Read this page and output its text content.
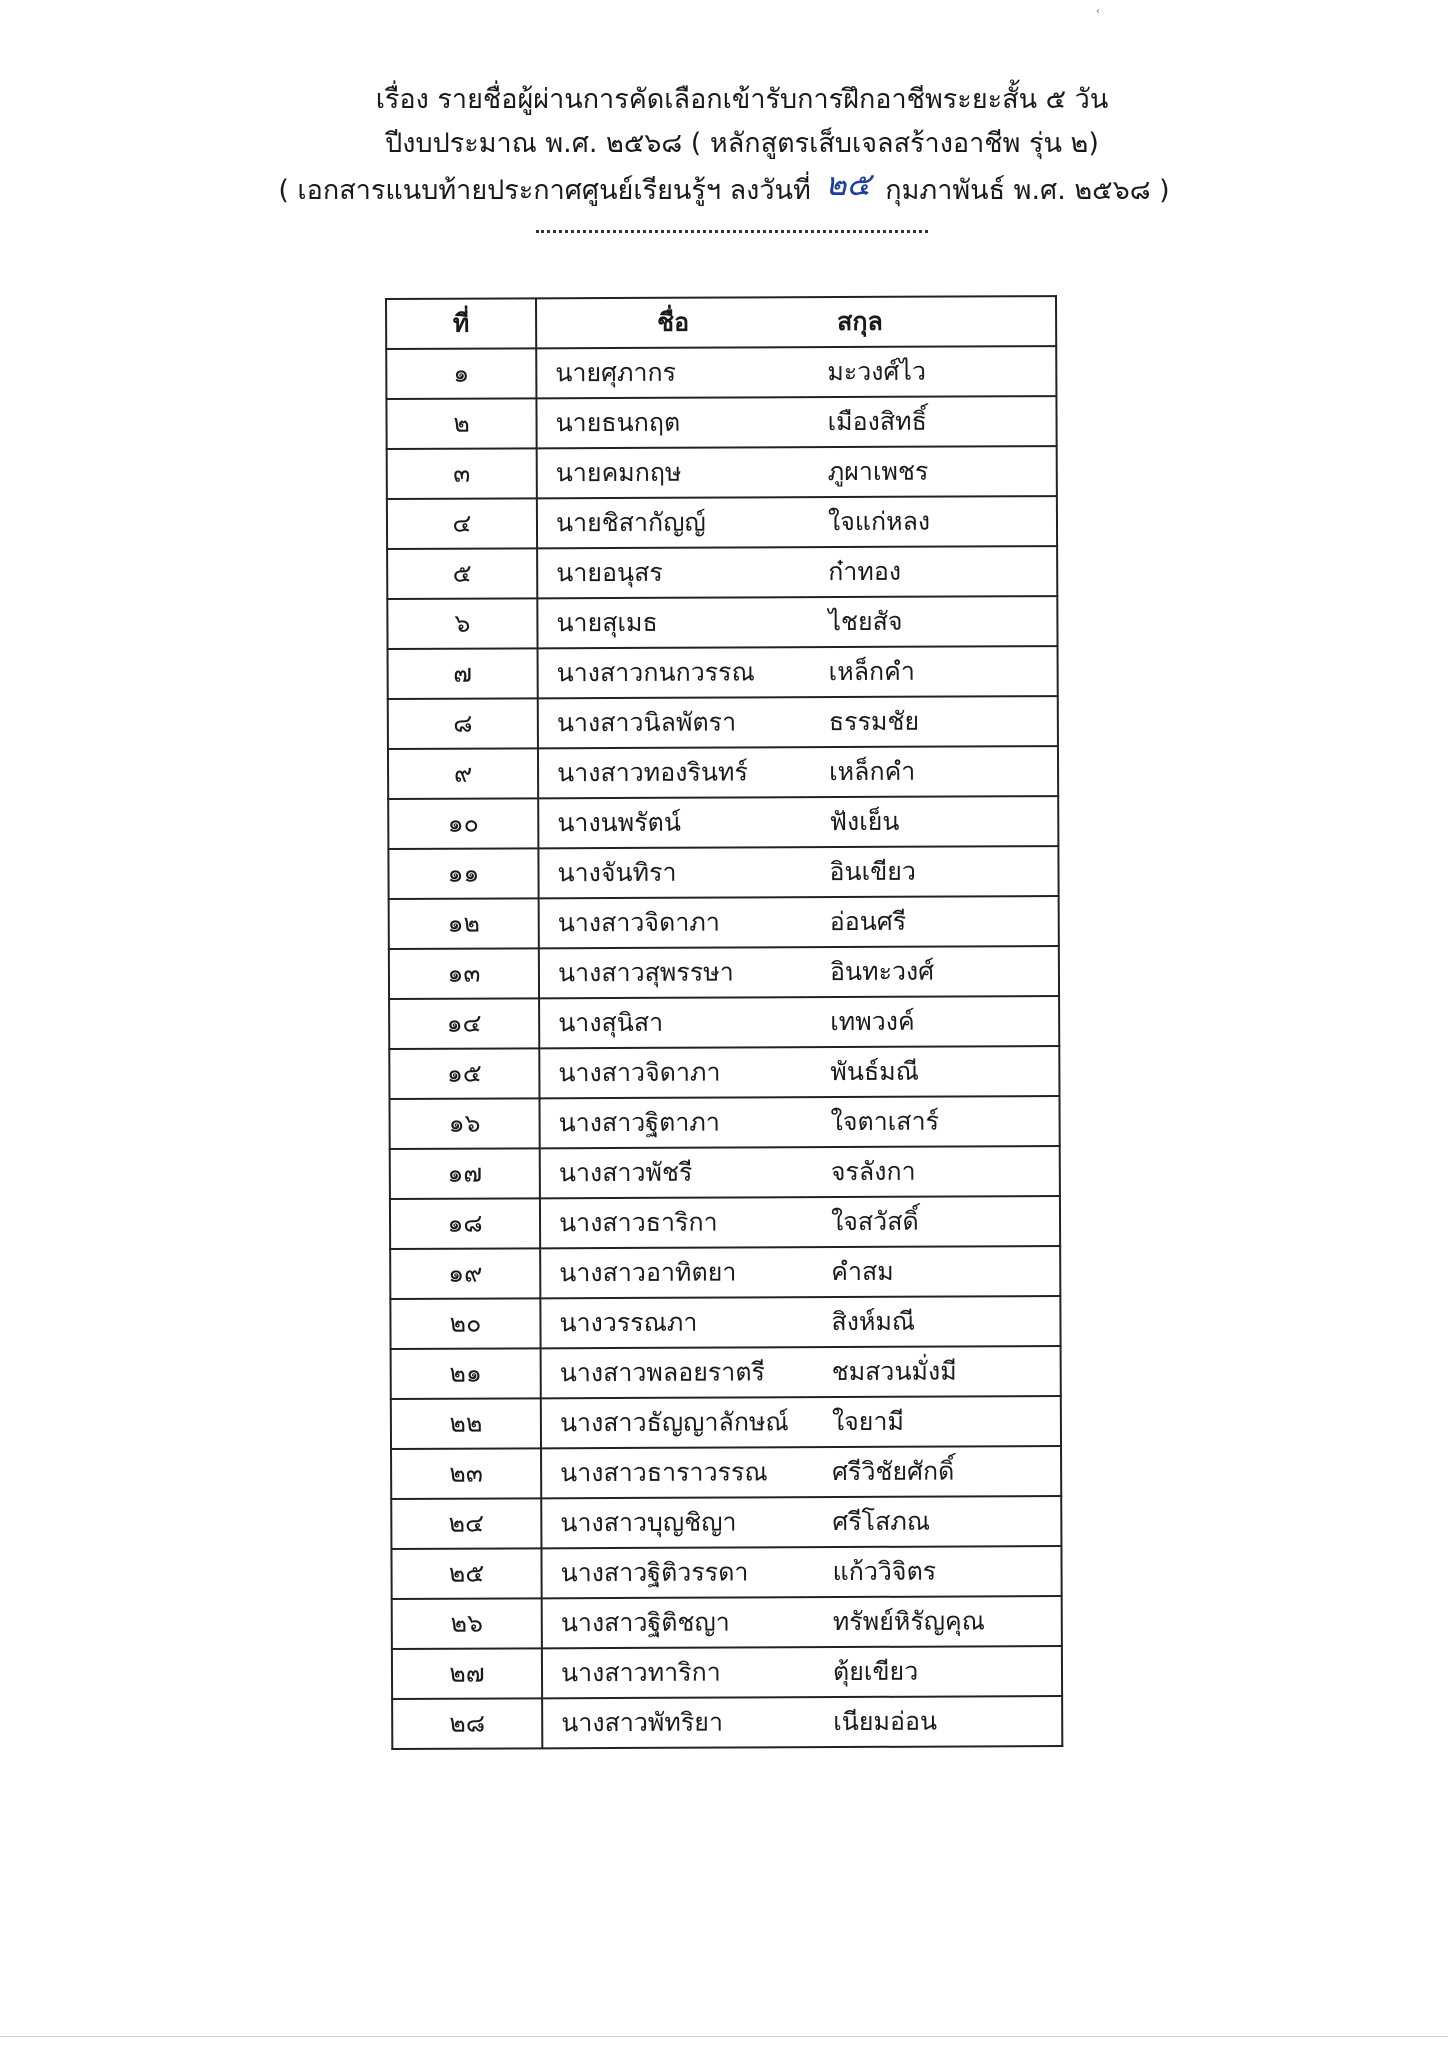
‹
เรื่อง รายชื่อผู้ผ่านการคัดเลือกเข้ารับการฝึกอาชีพระยะสั้น ๕ วัน
ปีงบประมาณ พ.ศ. ๒๕๖๘ ( หลักสูตรเส็บเจลสร้างอาชีพ รุ่น ๒)
( เอกสารแนบท้ายประกาศศูนย์เรียนรู้ฯ ลงวันที่ ๒๕ กุมภาพันธ์ พ.ศ. ๒๕๖๘ )
ที่	ชื่อ สกุล

๑	นายศุภากร มะวงศ์ไว

๒	นายธนกฤต เมืองสิทธิ์

๓	นายคมกฤษ ภูผาเพชร

๔	นายชิสากัญญ์ ใจแก่หลง

๕	นายอนุสร ก๋าทอง

๖	นายสุเมธ ไชยสัจ

๗	นางสาวกนกวรรณ เหล็กคำ

๘	นางสาวนิลพัตรา ธรรมชัย

๙	นางสาวทองรินทร์ เหล็กคำ

๑๐	นางนพรัตน์ ฟังเย็น

๑๑	นางจันทิรา อินเขียว

๑๒	นางสาวจิดาภา อ่อนศรี

๑๓	นางสาวสุพรรษา อินทะวงศ์

๑๔	นางสุนิสา เทพวงค์

๑๕	นางสาวจิดาภา พันธ์มณี

๑๖	นางสาวฐิตาภา ใจตาเสาร์

๑๗	นางสาวพัชรี จรลังกา

๑๘	นางสาวธาริกา ใจสวัสดิ์

๑๙	นางสาวอาทิตยา คำสม

๒๐	นางวรรณภา สิงห์มณี

๒๑	นางสาวพลอยราตรี ชมสวนมั่งมี

๒๒	นางสาวธัญญาลักษณ์ ใจยามี

๒๓	นางสาวธาราวรรณ ศรีวิชัยศักดิ์

๒๔	นางสาวบุญชิญา ศรีโสภณ

๒๕	นางสาวฐิติวรรดา แก้ววิจิตร

๒๖	นางสาวฐิติชญา ทรัพย์หิรัญคุณ

๒๗	นางสาวทาริกา ตุ้ยเขียว

๒๘	นางสาวพัทริยา เนียมอ่อน
